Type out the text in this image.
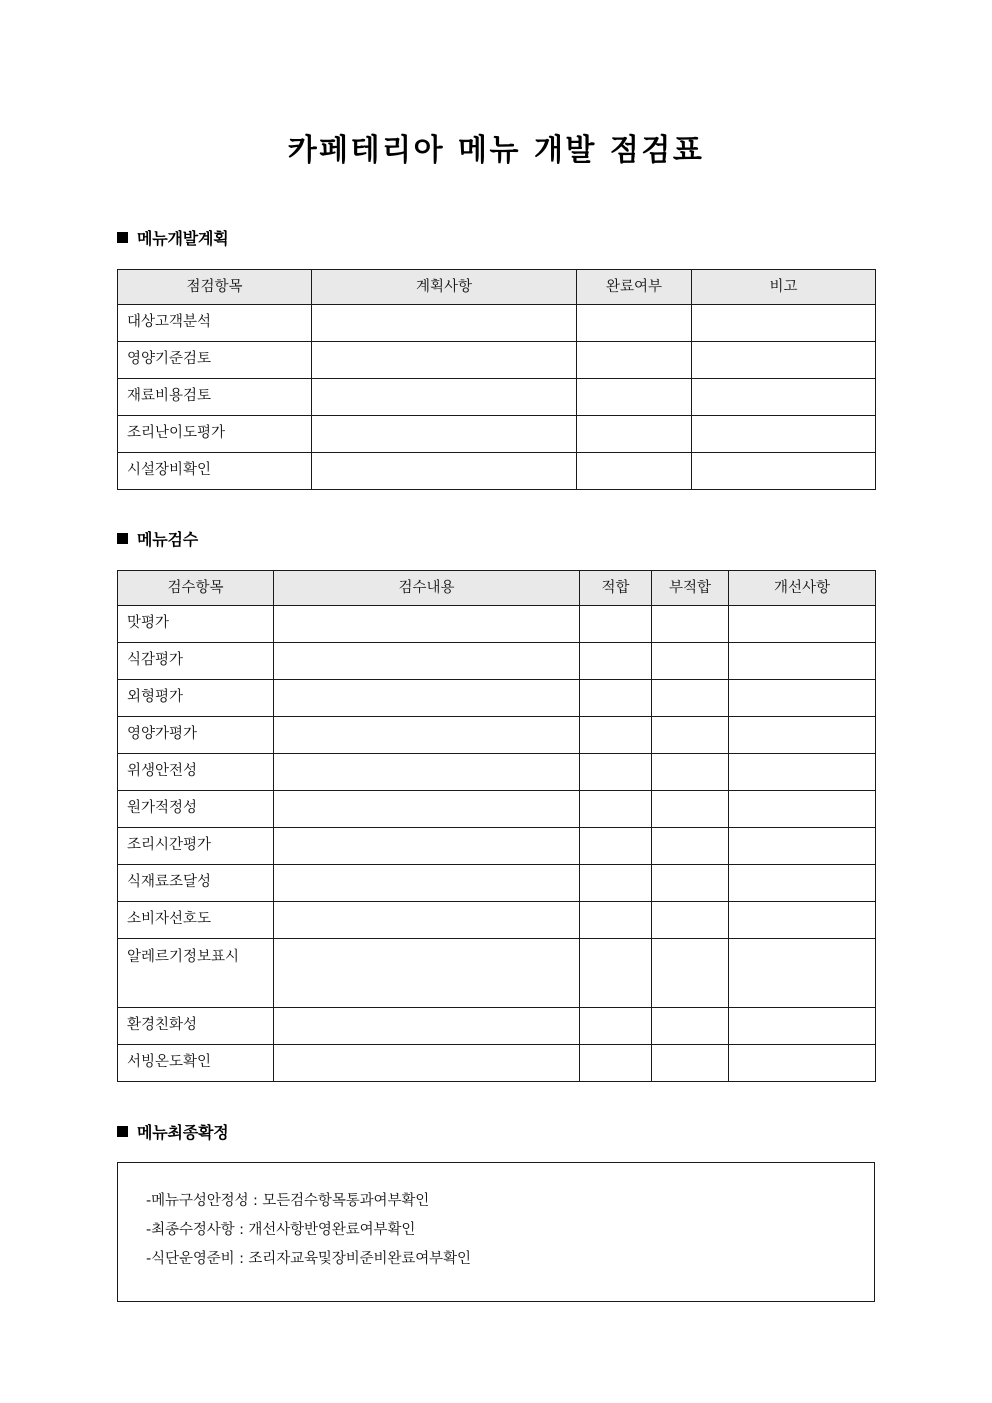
카페테리아 메뉴 개발 점검표
메뉴개발계획
점검항목	계획사항	완료여부	비고
대상고객분석			
영양기준검토			
재료비용검토			
조리난이도평가			
시설장비확인			
메뉴검수
검수항목	검수내용	적합	부적합	개선사항
맛평가				
식감평가				
외형평가				
영양가평가				
위생안전성				
원가적정성				
조리시간평가				
식재료조달성				
소비자선호도				
알레르기정보표시				
환경친화성				
서빙온도확인				
메뉴최종확정
-메뉴구성안정성 : 모든검수항목통과여부확인
-최종수정사항 : 개선사항반영완료여부확인
-식단운영준비 : 조리자교육및장비준비완료여부확인
